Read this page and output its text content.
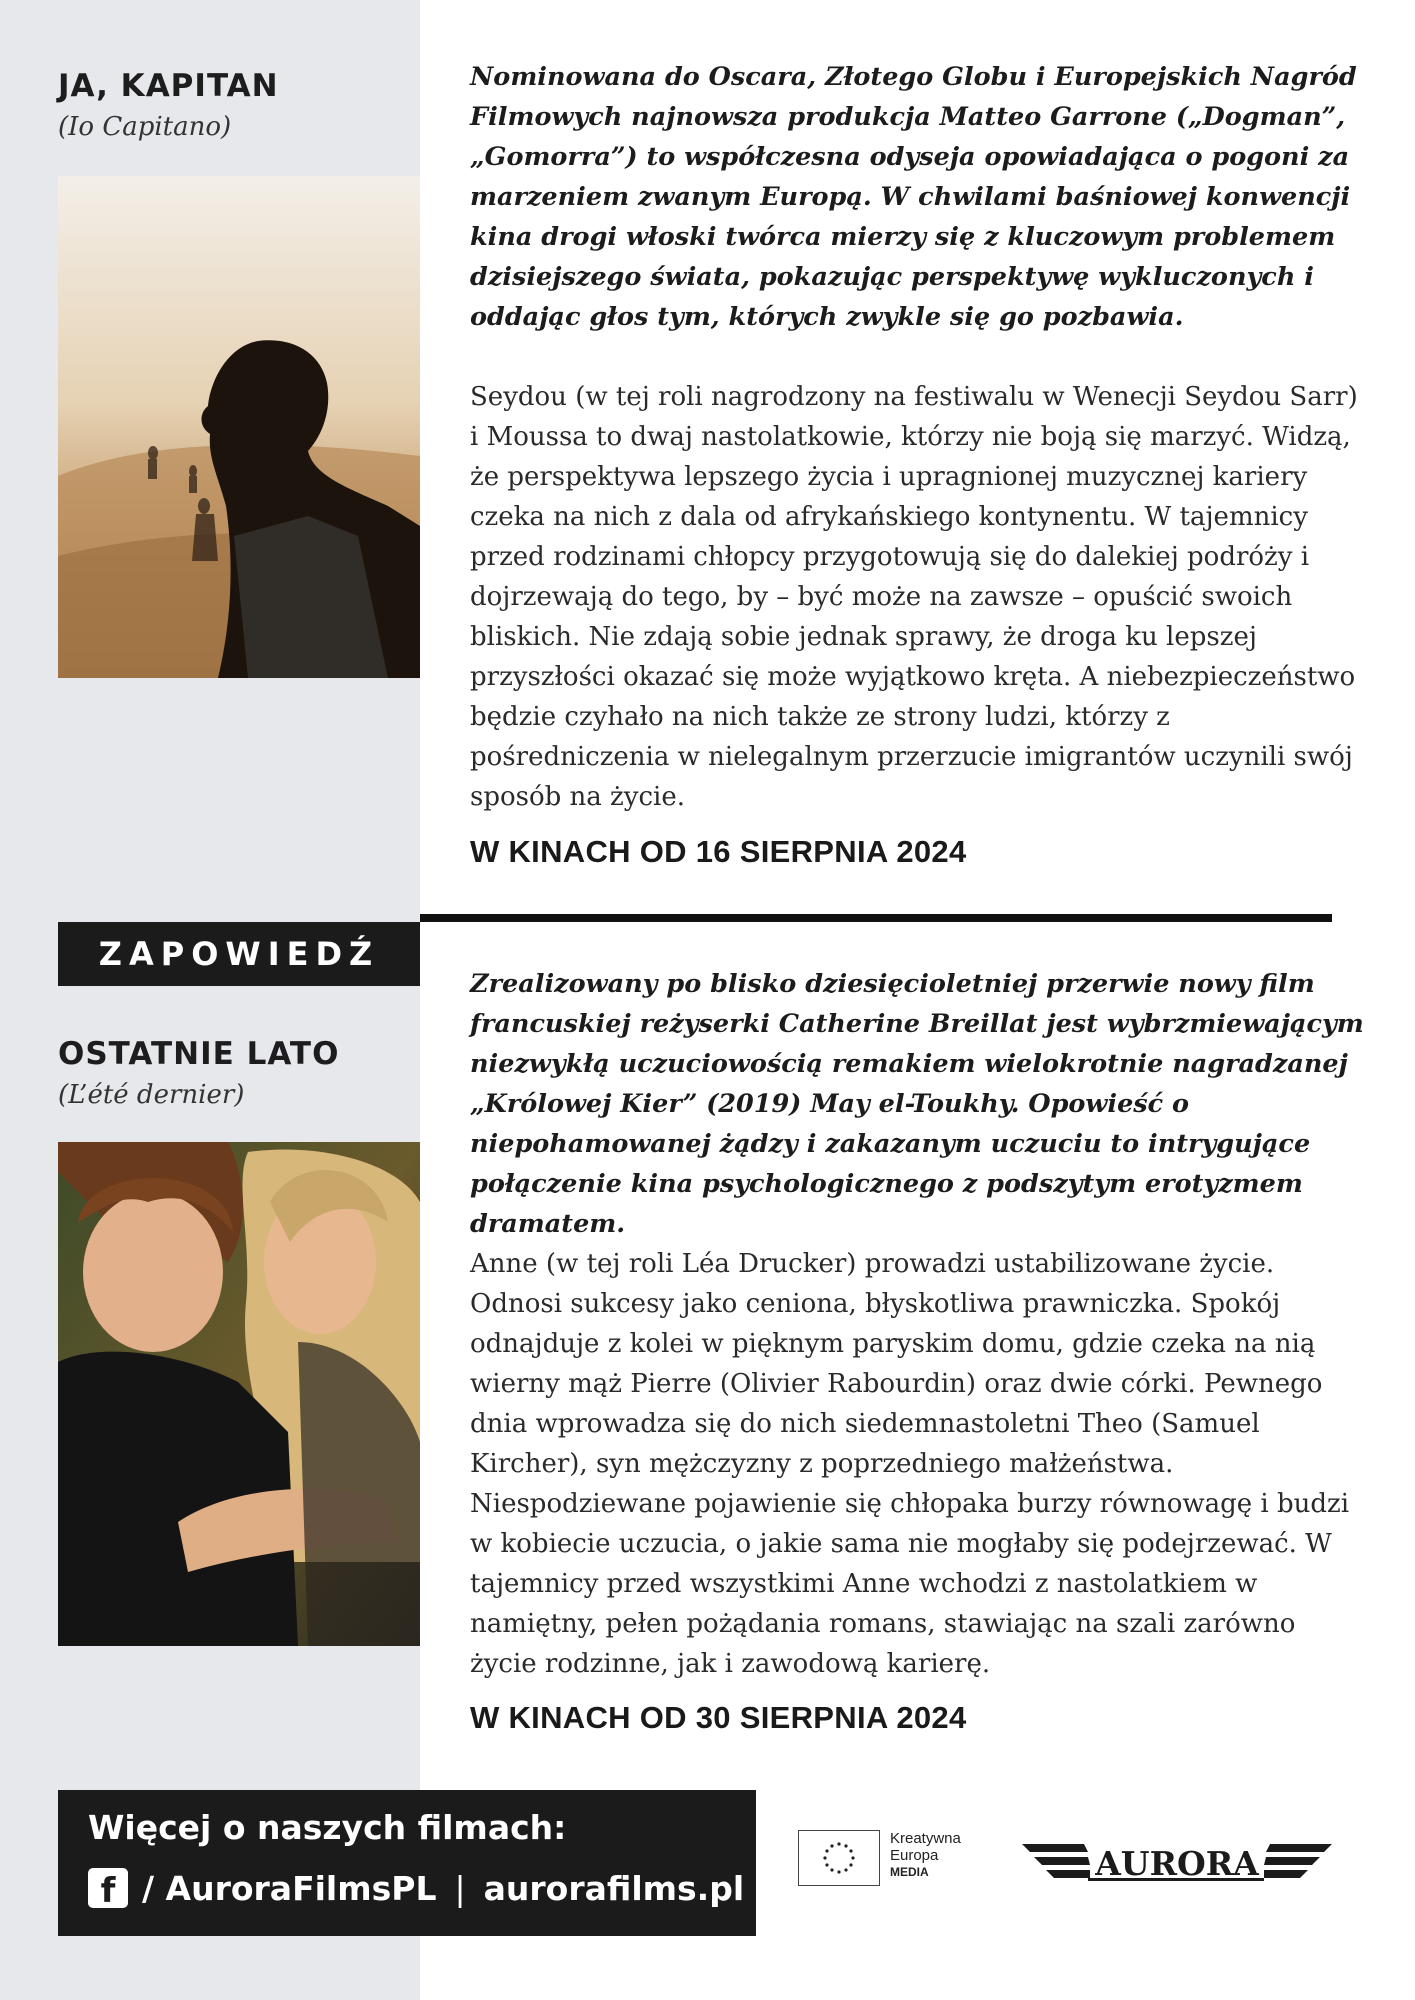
JA, KAPITAN

(Io Capitano)

Nominowana do Oscara, Złotego Globu i Europejskich Nagród Filmowych najnowsza produkcja Matteo Garrone („Dogman”, „Gomorra”) to współczesna odyseja opowiadająca o pogoni za marzeniem zwanym Europą. W chwilami baśniowej konwencji kina drogi włoski twórca mierzy się z kluczowym problemem dzisiejszego świata, pokazując perspektywę wykluczonych i oddając głos tym, których zwykle się go pozbawia.

Seydou (w tej roli nagrodzony na festiwalu w Wenecji Seydou Sarr) i Moussa to dwaj nastolatkowie, którzy nie boją się marzyć. Widzą, że perspektywa lepszego życia i upragnionej muzycznej kariery czeka na nich z dala od afrykańskiego kontynentu. W tajemnicy przed rodzinami chłopcy przygotowują się do dalekiej podróży i dojrzewają do tego, by – być może na zawsze – opuścić swoich bliskich. Nie zdają sobie jednak sprawy, że droga ku lepszej przyszłości okazać się może wyjątkowo kręta. A niebezpieczeństwo będzie czyhało na nich także ze strony ludzi, którzy z pośredniczenia w nielegalnym przerzucie imigrantów uczynili swój sposób na życie.

W KINACH OD 16 SIERPNIA 2024

ZAPOWIEDŹ
OSTATNIE LATO

(L’été dernier)

Zrealizowany po blisko dziesięcioletniej przerwie nowy film francuskiej reżyserki Catherine Breillat jest wybrzmiewającym niezwykłą uczuciowością remakiem wielokrotnie nagradzanej „Królowej Kier” (2019) May el-Toukhy. Opowieść o niepohamowanej żądzy i zakazanym uczuciu to intrygujące połączenie kina psychologicznego z podszytym erotyzmem dramatem.

Anne (w tej roli Léa Drucker) prowadzi ustabilizowane życie. Odnosi sukcesy jako ceniona, błyskotliwa prawniczka. Spokój odnajduje z kolei w pięknym paryskim domu, gdzie czeka na nią wierny mąż Pierre (Olivier Rabourdin) oraz dwie córki. Pewnego dnia wprowadza się do nich siedemnastoletni Theo (Samuel Kircher), syn mężczyzny z poprzedniego małżeństwa. Niespodziewane pojawienie się chłopaka burzy równowagę i budzi w kobiecie uczucia, o jakie sama nie mogłaby się podejrzewać. W tajemnicy przed wszystkimi Anne wchodzi z nastolatkiem w namiętny, pełen pożądania romans, stawiając na szali zarówno życie rodzinne, jak i zawodową karierę.

W KINACH OD 30 SIERPNIA 2024

Więcej o naszych filmach:
f / AuroraFilmsPL | aurorafilms.pl
Kreatywna
Europa
MEDIA	AURORA
